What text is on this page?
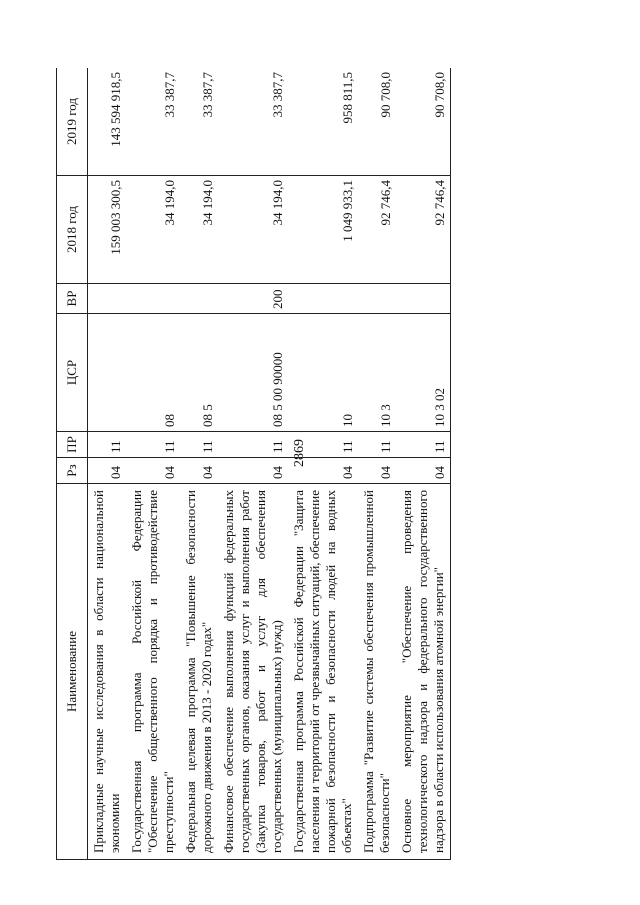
2869
Наименование	Рз	ПР	ЦСР	ВР	2018 год	2019 год
Прикладные научные исследования в области национальной экономики	04	11			159 003 300,5	143 594 918,5
Государственная программа Российской Федерации "Обеспечение общественного порядка и противодействие преступности"	04	11	08		34 194,0	33 387,7
Федеральная целевая программа "Повышение безопасности дорожного движения в 2013 - 2020 годах"	04	11	08 5		34 194,0	33 387,7
Финансовое обеспечение выполнения функций федеральных государственных органов, оказания услуг и выполнения работ (Закупка товаров, работ и услуг для обеспечения государственных (муниципальных) нужд)	04	11	08 5 00 90000	200	34 194,0	33 387,7
Государственная программа Российской Федерации "Защита населения и территорий от чрезвычайных ситуаций, обеспечение пожарной безопасности и безопасности людей на водных объектах"	04	11	10		1 049 933,1	958 811,5
Подпрограмма "Развитие системы обеспечения промышленной безопасности"	04	11	10 3		92 746,4	90 708,0
Основное мероприятие "Обеспечение проведения технологического надзора и федерального государственного надзора в области использования атомной энергии"	04	11	10 3 02		92 746,4	90 708,0
